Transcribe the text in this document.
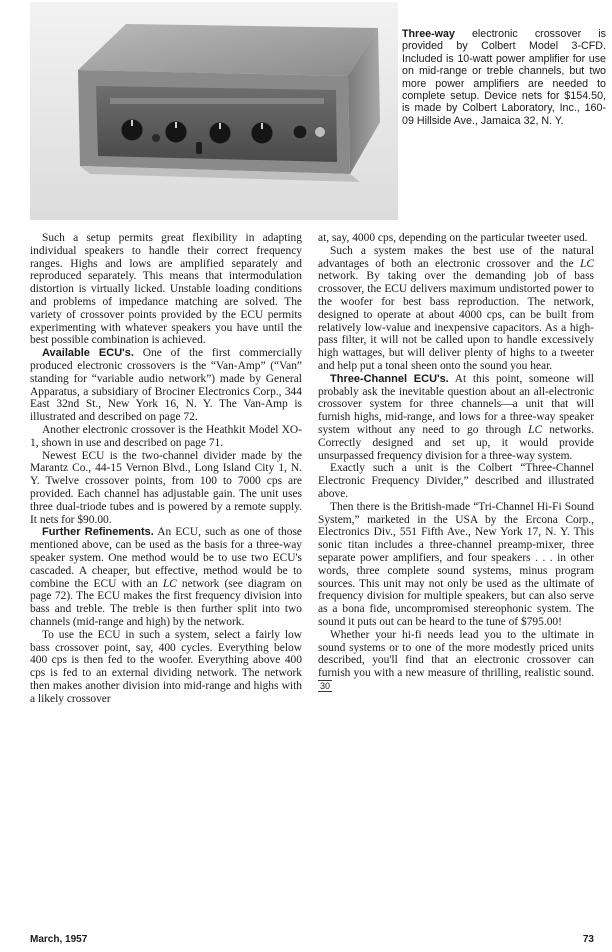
Three-way electronic crossover is provided by Colbert Model 3-CFD. Included is 10-watt power amplifier for use on mid-range or treble channels, but two more power amplifiers are needed to complete setup. Device nets for $154.50, is made by Colbert Laboratory, Inc., 160-09 Hillside Ave., Jamaica 32, N. Y.

Such a setup permits great flexibility in adapting individual speakers to handle their correct frequency ranges. Highs and lows are amplified separately and reproduced separately. This means that intermodulation distortion is virtually licked. Unstable loading conditions and problems of impedance matching are solved. The variety of crossover points provided by the ECU permits experimenting with whatever speakers you have until the best possible combination is achieved.

Available ECU's. One of the first commercially produced electronic crossovers is the “Van-Amp” (“Van” standing for “variable audio network”) made by General Apparatus, a subsidiary of Brociner Electronics Corp., 344 East 32nd St., New York 16, N. Y. The Van-Amp is illustrated and described on page 72.

Another electronic crossover is the Heathkit Model XO-1, shown in use and described on page 71.

Newest ECU is the two-channel divider made by the Marantz Co., 44-15 Vernon Blvd., Long Island City 1, N. Y. Twelve crossover points, from 100 to 7000 cps are provided. Each channel has adjustable gain. The unit uses three dual-triode tubes and is powered by a remote supply. It nets for $90.00.

Further Refinements. An ECU, such as one of those mentioned above, can be used as the basis for a three-way speaker system. One method would be to use two ECU's cascaded. A cheaper, but effective, method would be to combine the ECU with an LC network (see diagram on page 72). The ECU makes the first frequency division into bass and treble. The treble is then further split into two channels (mid-range and high) by the network.

To use the ECU in such a system, select a fairly low bass crossover point, say, 400 cycles. Everything below 400 cps is then fed to the woofer. Everything above 400 cps is fed to an external dividing network. The network then makes another division into mid-range and highs with a likely crossover

at, say, 4000 cps, depending on the particular tweeter used.

Such a system makes the best use of the natural advantages of both an electronic crossover and the LC network. By taking over the demanding job of bass crossover, the ECU delivers maximum undistorted power to the woofer for best bass reproduction. The network, designed to operate at about 4000 cps, can be built from relatively low-value and inexpensive capacitors. As a high-pass filter, it will not be called upon to handle excessively high wattages, but will deliver plenty of highs to a tweeter and help put a tonal sheen onto the sound you hear.

Three-Channel ECU's. At this point, someone will probably ask the inevitable question about an all-electronic crossover system for three channels—a unit that will furnish highs, mid-range, and lows for a three-way speaker system without any need to go through LC networks. Correctly designed and set up, it would provide unsurpassed frequency division for a three-way system.

Exactly such a unit is the Colbert “Three-Channel Electronic Frequency Divider,” described and illustrated above.

Then there is the British-made “Tri-Channel Hi-Fi Sound System,” marketed in the USA by the Ercona Corp., Electronics Div., 551 Fifth Ave., New York 17, N. Y. This sonic titan includes a three-channel preamp-mixer, three separate power amplifiers, and four speakers . . . in other words, three complete sound systems, minus program sources. This unit may not only be used as the ultimate of frequency division for multiple speakers, but can also serve as a bona fide, uncompromised stereophonic system. The sound it puts out can be heard to the tune of $795.00!

Whether your hi-fi needs lead you to the ultimate in sound systems or to one of the more modestly priced units described, you'll find that an electronic crossover can furnish you with a new measure of thrilling, realistic sound. 30

March, 1957	73
